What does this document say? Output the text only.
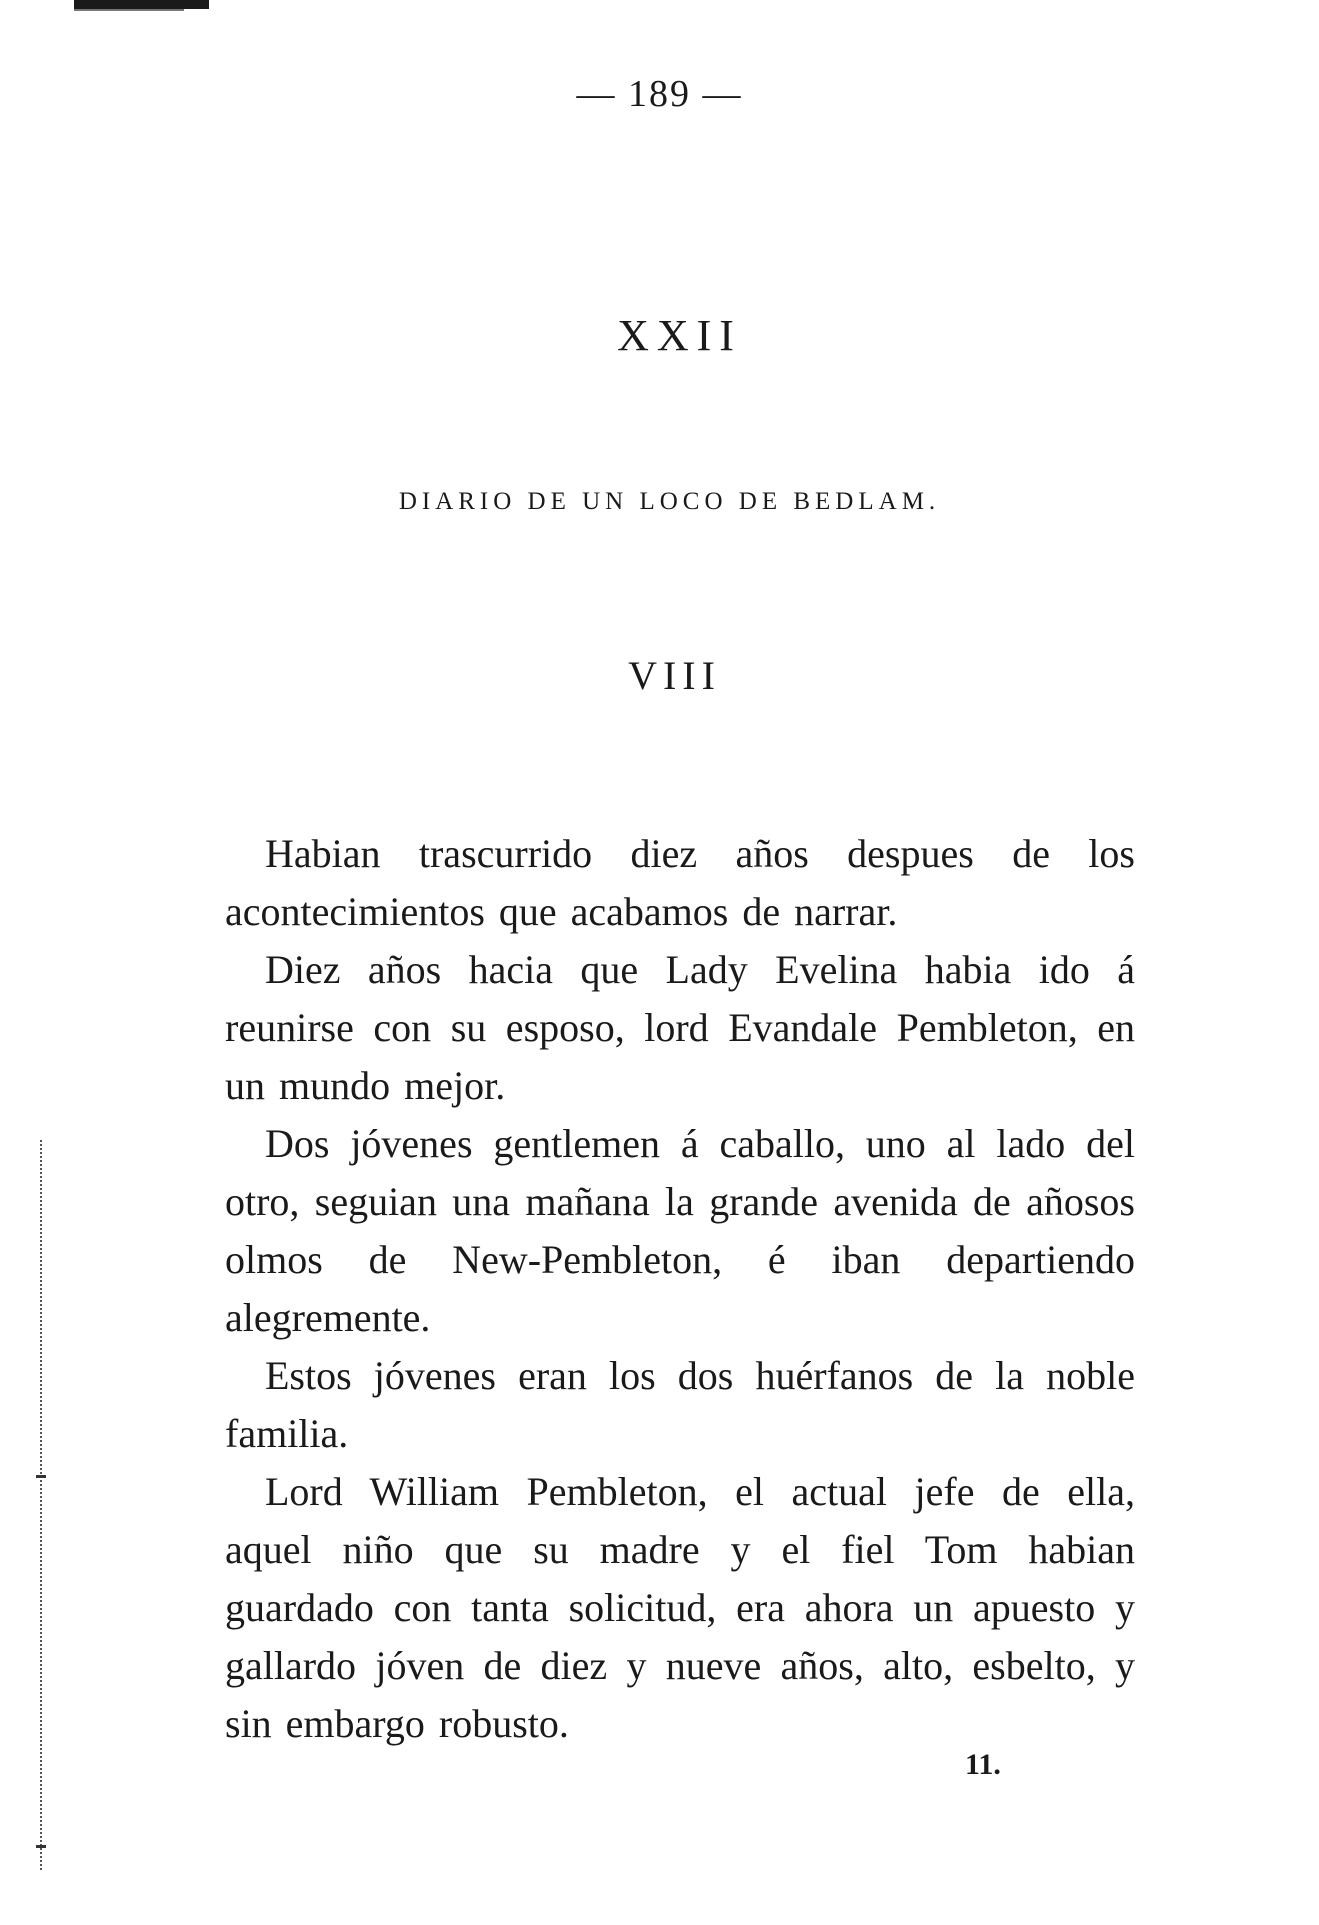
— 189 —
XXII
DIARIO DE UN LOCO DE BEDLAM.
VIII

Habian trascurrido diez años despues de los acontecimientos que acabamos de narrar.

Diez años hacia que Lady Evelina habia ido á reunirse con su esposo, lord Evandale Pembleton, en un mundo mejor.

Dos jóvenes gentlemen á caballo, uno al lado del otro, seguian una mañana la grande avenida de añosos olmos de New-Pembleton, é iban departiendo alegremente.

Estos jóvenes eran los dos huérfanos de la noble familia.

Lord William Pembleton, el actual jefe de ella, aquel niño que su madre y el fiel Tom habian guardado con tanta solicitud, era ahora un apuesto y gallardo jóven de diez y nueve años, alto, esbelto, y sin embargo robusto.

11.
